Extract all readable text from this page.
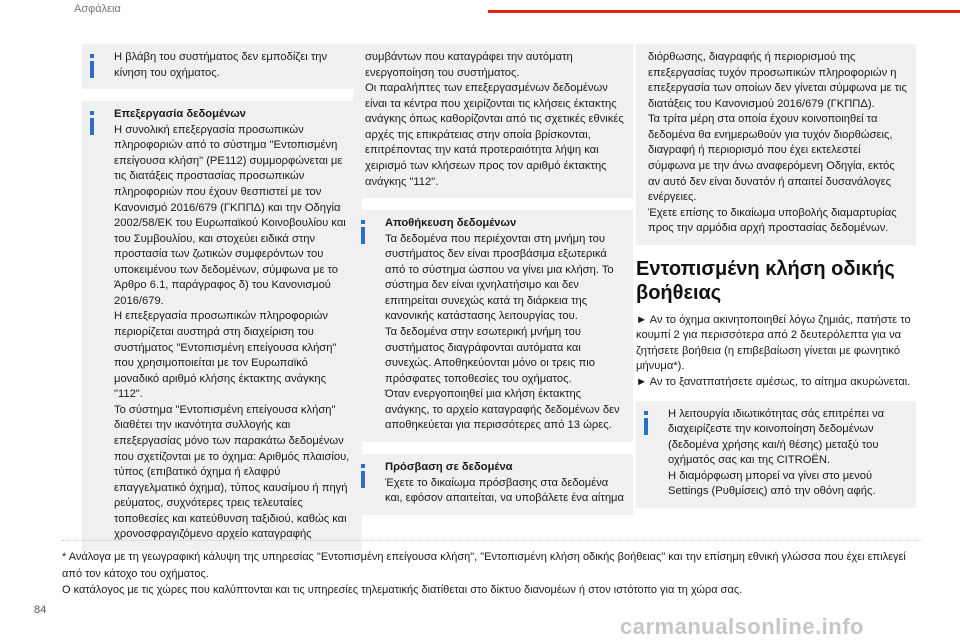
Ασφάλεια
Η βλάβη του συστήματος δεν εμποδίζει την κίνηση του οχήματος.
Επεξεργασία δεδομένων
Η συνολική επεξεργασία προσωπικών πληροφοριών από το σύστημα "Εντοπισμένη επείγουσα κλήση" (PE112) συμμορφώνεται με τις διατάξεις προστασίας προσωπικών πληροφοριών που έχουν θεσπιστεί με τον Κανονισμό 2016/679 (ΓΚΠΠΔ) και την Οδηγία 2002/58/ΕΚ του Ευρωπαϊκού Κοινοβουλίου και του Συμβουλίου, και στοχεύει ειδικά στην προστασία των ζωτικών συμφερόντων του υποκειμένου των δεδομένων, σύμφωνα με το Άρθρο 6.1, παράγραφος δ) του Κανονισμού 2016/679.
Η επεξεργασία προσωπικών πληροφοριών περιορίζεται αυστηρά στη διαχείριση του συστήματος "Εντοπισμένη επείγουσα κλήση" που χρησιμοποιείται με τον Ευρωπαϊκό μοναδικό αριθμό κλήσης έκτακτης ανάγκης "112".
Το σύστημα "Εντοπισμένη επείγουσα κλήση" διαθέτει την ικανότητα συλλογής και επεξεργασίας μόνο των παρακάτω δεδομένων που σχετίζονται με το όχημα: Αριθμός πλαισίου, τύπος (επιβατικό όχημα ή ελαφρύ επαγγελματικό όχημα), τύπος καυσίμου ή πηγή ρεύματος, συχνότερες τρεις τελευταίες τοποθεσίες και κατεύθυνση ταξιδιού, καθώς και χρονοσφραγιζόμενο αρχείο καταγραφής
συμβάντων που καταγράφει την αυτόματη ενεργοποίηση του συστήματος.
Οι παραλήπτες των επεξεργασμένων δεδομένων είναι τα κέντρα που χειρίζονται τις κλήσεις έκτακτης ανάγκης όπως καθορίζονται από τις σχετικές εθνικές αρχές της επικράτειας στην οποία βρίσκονται, επιτρέποντας την κατά προτεραιότητα λήψη και χειρισμό των κλήσεων προς τον αριθμό έκτακτης ανάγκης "112".
Αποθήκευση δεδομένων
Τα δεδομένα που περιέχονται στη μνήμη του συστήματος δεν είναι προσβάσιμα εξωτερικά από το σύστημα ώσπου να γίνει μια κλήση. Το σύστημα δεν είναι ιχνηλατήσιμο και δεν επιτηρείται συνεχώς κατά τη διάρκεια της κανονικής κατάστασης λειτουργίας του.
Τα δεδομένα στην εσωτερική μνήμη του συστήματος διαγράφονται αυτόματα και συνεχώς. Αποθηκεύονται μόνο οι τρεις πιο πρόσφατες τοποθεσίες του οχήματος.
Όταν ενεργοποιηθεί μια κλήση έκτακτης ανάγκης, το αρχείο καταγραφής δεδομένων δεν αποθηκεύεται για περισσότερες από 13 ώρες.
Πρόσβαση σε δεδομένα
Έχετε το δικαίωμα πρόσβασης στα δεδομένα και, εφόσον απαιτείται, να υποβάλετε ένα αίτημα
διόρθωσης, διαγραφής ή περιορισμού της επεξεργασίας τυχόν προσωπικών πληροφοριών η επεξεργασία των οποίων δεν γίνεται σύμφωνα με τις διατάξεις του Κανονισμού 2016/679 (ΓΚΠΠΔ).
Τα τρίτα μέρη στα οποία έχουν κοινοποιηθεί τα δεδομένα θα ενημερωθούν για τυχόν διορθώσεις, διαγραφή ή περιορισμό που έχει εκτελεστεί σύμφωνα με την άνω αναφερόμενη Οδηγία, εκτός αν αυτό δεν είναι δυνατόν ή απαιτεί δυσανάλογες ενέργειες.
Έχετε επίσης το δικαίωμα υποβολής διαμαρτυρίας προς την αρμόδια αρχή προστασίας δεδομένων.
Εντοπισμένη κλήση οδικής βοήθειας

► Αν το όχημα ακινητοποιηθεί λόγω ζημιάς, πατήστε το κουμπί 2 για περισσότερα από 2 δευτερόλεπτα για να ζητήσετε βοήθεια (η επιβεβαίωση γίνεται με φωνητικό μήνυμα*).

► Αν το ξανατπατήσετε αμέσως, το αίτημα ακυρώνεται.

Η λειτουργία ιδιωτικότητας σάς επιτρέπει να διαχειρίζεστε την κοινοποίηση δεδομένων (δεδομένα χρήσης και/ή θέσης) μεταξύ του οχήματός σας και της CITROËN.
Η διαμόρφωση μπορεί να γίνει στο μενού Settings (Ρυθμίσεις) από την οθόνη αφής.
* Ανάλογα με τη γεωγραφική κάλυψη της υπηρεσίας "Εντοπισμένη επείγουσα κλήση", "Εντοπισμένη κλήση οδικής βοήθειας" και την επίσημη εθνική γλώσσα που έχει επιλεγεί από τον κάτοχο του οχήματος.
Ο κατάλογος με τις χώρες που καλύπτονται και τις υπηρεσίες τηλεματικής διατίθεται στο δίκτυο διανομέων ή στον ιστότοπο για τη χώρα σας.
84
carmanualsonline.info
